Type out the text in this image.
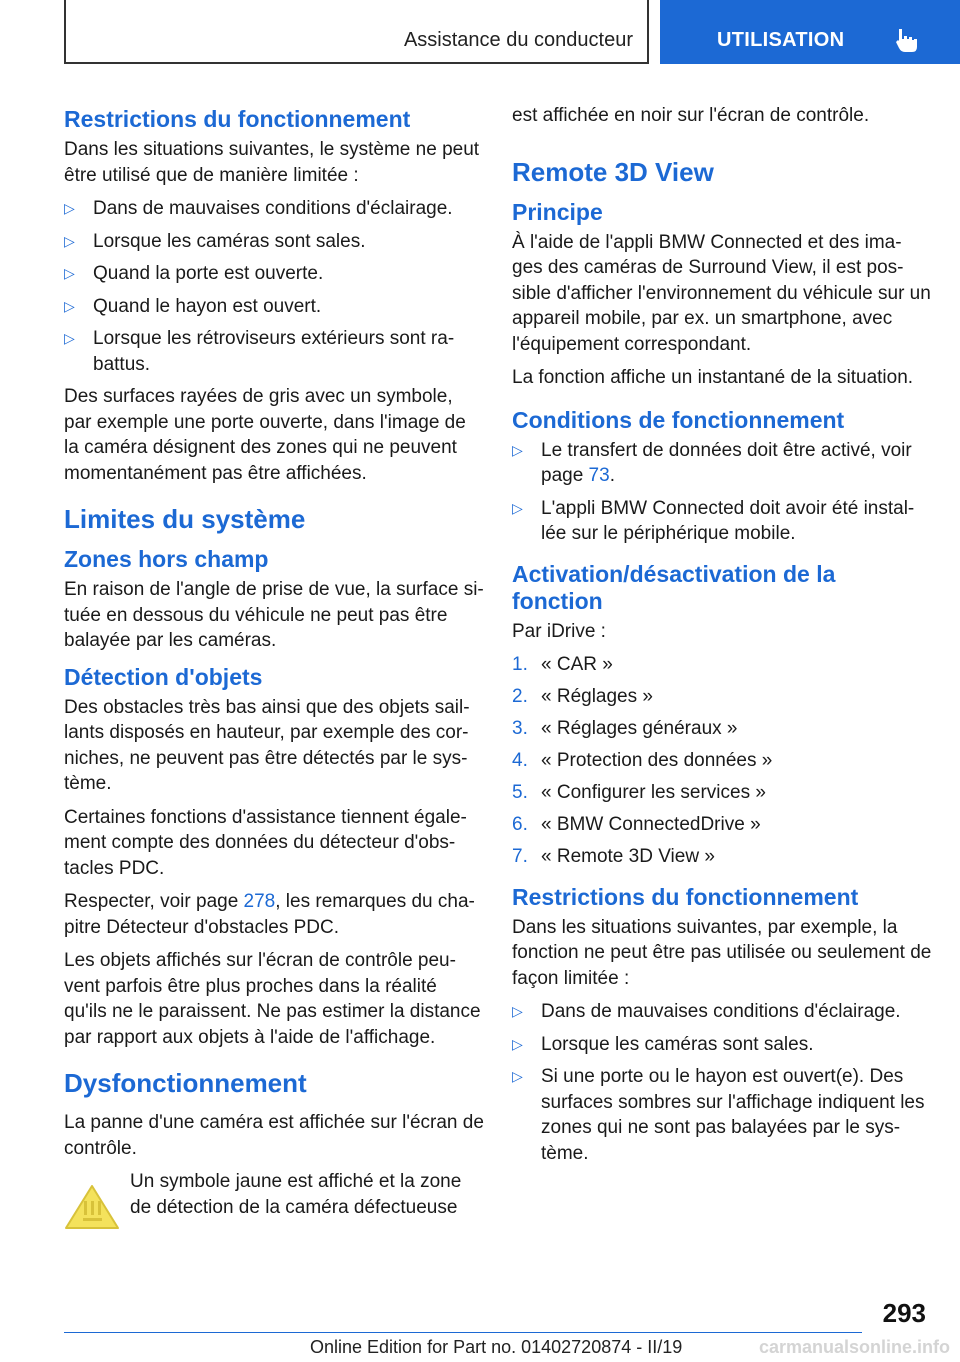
Assistance du conducteur	UTILISATION
Restrictions du fonctionnement

Dans les situations suivantes, le système ne peut être utilisé que de manière limitée :

▷ Dans de mauvaises conditions d'éclairage.
▷ Lorsque les caméras sont sales.
▷ Quand la porte est ouverte.
▷ Quand le hayon est ouvert.
▷ Lorsque les rétroviseurs extérieurs sont ra‐battus.

Des surfaces rayées de gris avec un symbole, par exemple une porte ouverte, dans l'image de la caméra désignent des zones qui ne peuvent momentanément pas être affichées.

Limites du système
Zones hors champ

En raison de l'angle de prise de vue, la surface si‐tuée en dessous du véhicule ne peut pas être balayée par les caméras.

Détection d'objets

Des obstacles très bas ainsi que des objets sail‐lants disposés en hauteur, par exemple des cor‐niches, ne peuvent pas être détectés par le sys‐tème.

Certaines fonctions d'assistance tiennent égale‐ment compte des données du détecteur d'obs‐tacles PDC.

Respecter, voir page 278, les remarques du cha‐pitre Détecteur d'obstacles PDC.

Les objets affichés sur l'écran de contrôle peu‐vent parfois être plus proches dans la réalité qu'ils ne le paraissent. Ne pas estimer la distance par rapport aux objets à l'aide de l'affichage.

Dysfonctionnement

La panne d'une caméra est affichée sur l'écran de contrôle.

Un symbole jaune est affiché et la zone de détection de la caméra défectueuse

est affichée en noir sur l'écran de contrôle.

Remote 3D View
Principe

À l'aide de l'appli BMW Connected et des ima‐ges des caméras de Surround View, il est pos‐sible d'afficher l'environnement du véhicule sur un appareil mobile, par ex. un smartphone, avec l'équipement correspondant.

La fonction affiche un instantané de la situation.

Conditions de fonctionnement
▷ Le transfert de données doit être activé, voir page 73.
▷ L'appli BMW Connected doit avoir été instal‐lée sur le périphérique mobile.
Activation/désactivation de la fonction

Par iDrive :

1. « CAR »
2. « Réglages »
3. « Réglages généraux »
4. « Protection des données »
5. « Configurer les services »
6. « BMW ConnectedDrive »
7. « Remote 3D View »
Restrictions du fonctionnement

Dans les situations suivantes, par exemple, la fonction ne peut être pas utilisée ou seulement de façon limitée :

▷ Dans de mauvaises conditions d'éclairage.
▷ Lorsque les caméras sont sales.
▷ Si une porte ou le hayon est ouvert(e). Des surfaces sombres sur l'affichage indiquent les zones qui ne sont pas balayées par le sys‐tème.
293
Online Edition for Part no. 01402720874 - II/19	carmanualsonline.info
